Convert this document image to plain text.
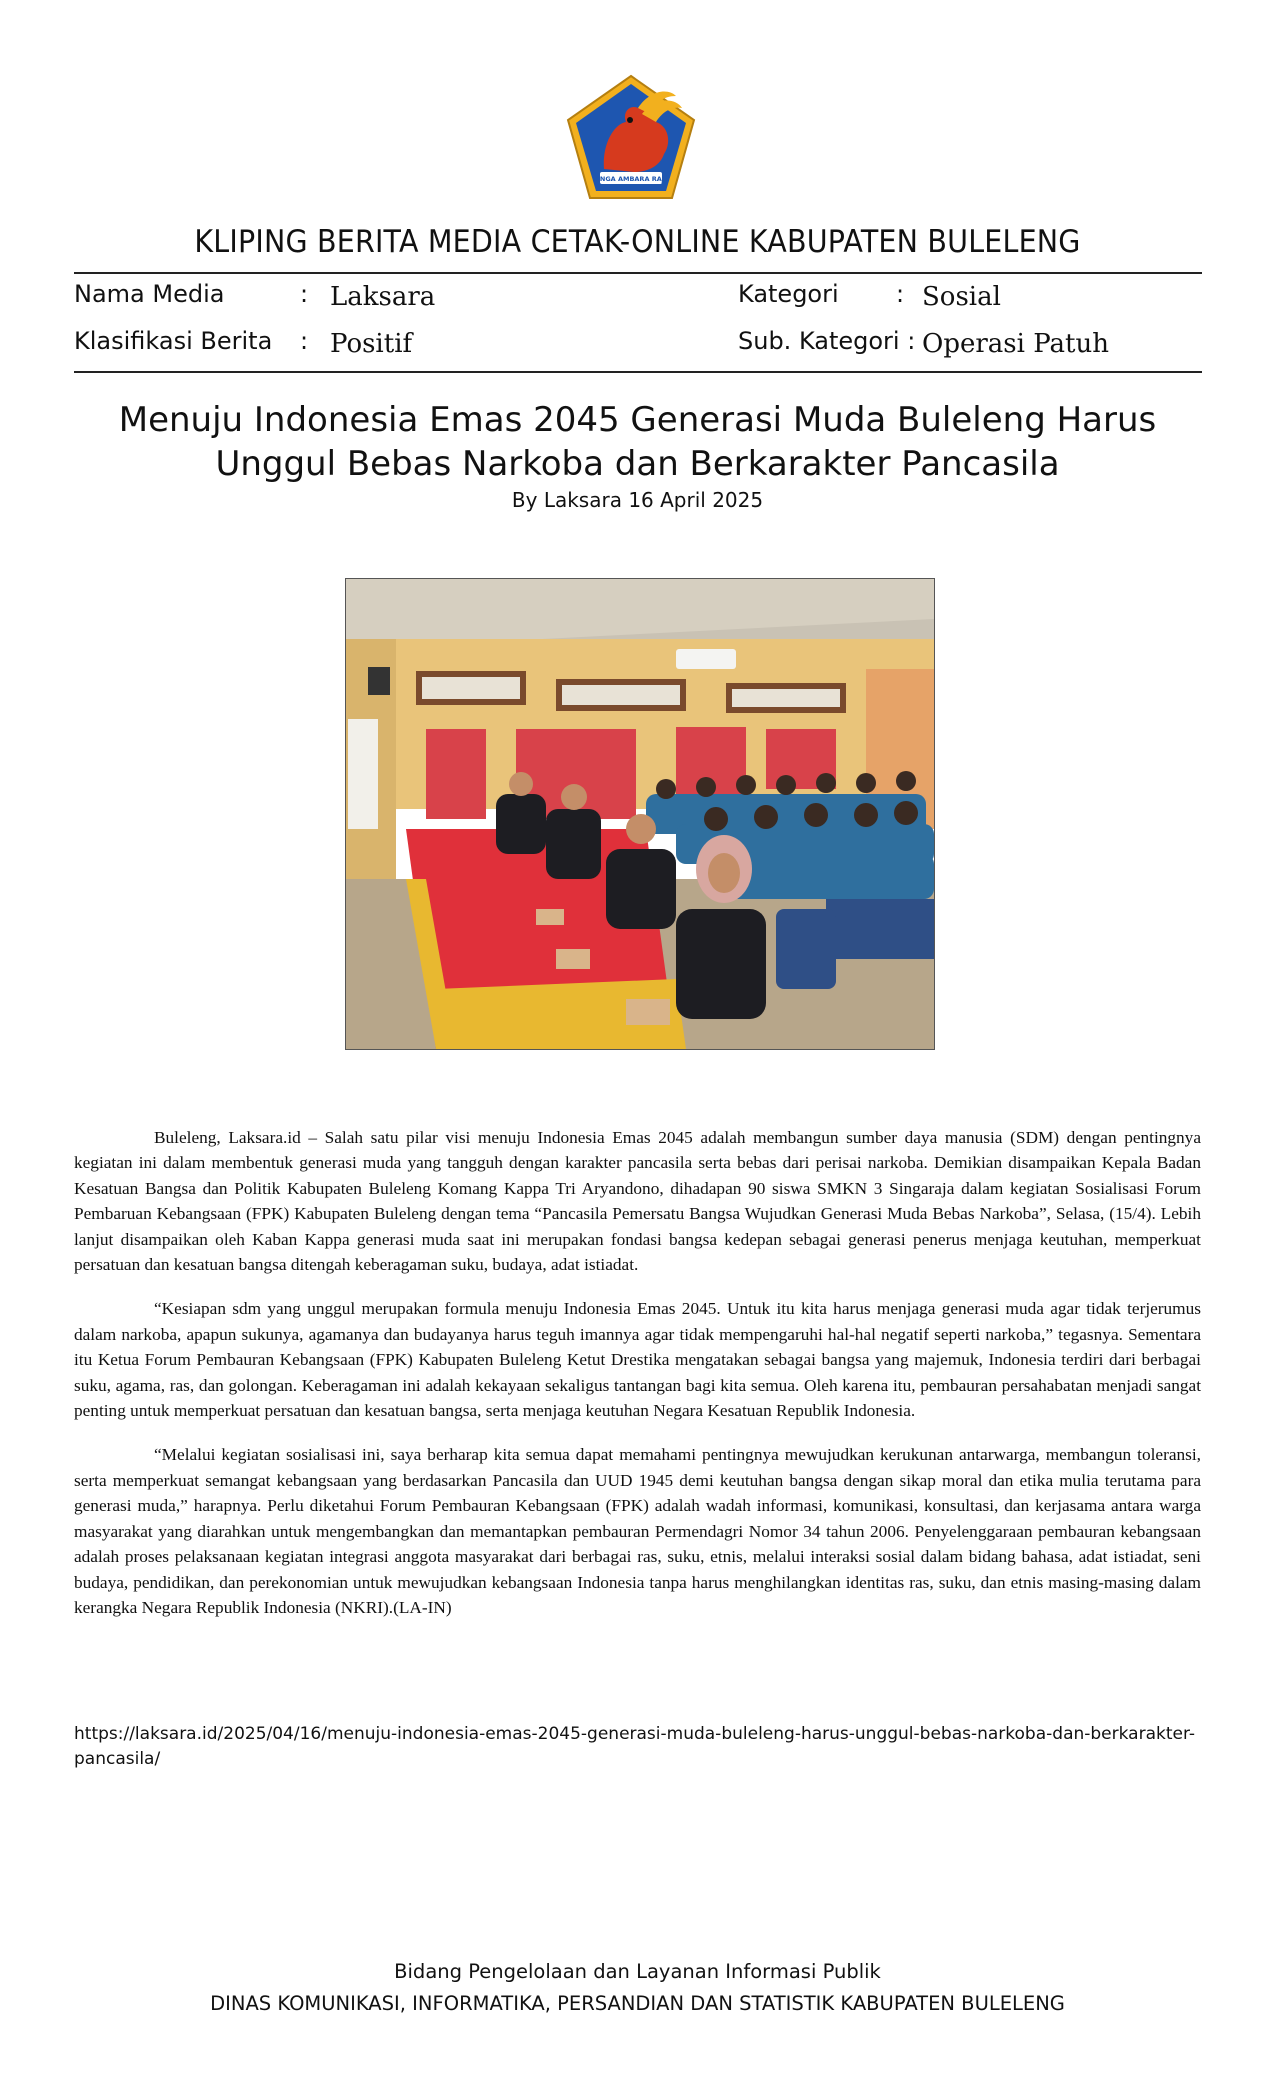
SINGA AMBARA RAJA
KLIPING BERITA MEDIA CETAK-ONLINE KABUPATEN BULELENG
Nama Media	: Laksara
Klasifikasi Berita : Positif
Kategori : Sosial
Sub. Kategori : Operasi Patuh
Menuju Indonesia Emas 2045 Generasi Muda Buleleng Harus Unggul Bebas Narkoba dan Berkarakter Pancasila
By Laksara 16 April 2025

Buleleng, Laksara.id – Salah satu pilar visi menuju Indonesia Emas 2045 adalah membangun sumber daya manusia (SDM) dengan pentingnya kegiatan ini dalam membentuk generasi muda yang tangguh dengan karakter pancasila serta bebas dari perisai narkoba. Demikian disampaikan Kepala Badan Kesatuan Bangsa dan Politik Kabupaten Buleleng Komang Kappa Tri Aryandono, dihadapan 90 siswa SMKN 3 Singaraja dalam kegiatan Sosialisasi Forum Pembaruan Kebangsaan (FPK) Kabupaten Buleleng dengan tema “Pancasila Pemersatu Bangsa Wujudkan Generasi Muda Bebas Narkoba”, Selasa, (15/4). Lebih lanjut disampaikan oleh Kaban Kappa generasi muda saat ini merupakan fondasi bangsa kedepan sebagai generasi penerus menjaga keutuhan, memperkuat persatuan dan kesatuan bangsa ditengah keberagaman suku, budaya, adat istiadat.

“Kesiapan sdm yang unggul merupakan formula menuju Indonesia Emas 2045. Untuk itu kita harus menjaga generasi muda agar tidak terjerumus dalam narkoba, apapun sukunya, agamanya dan budayanya harus teguh imannya agar tidak mempengaruhi hal-hal negatif seperti narkoba,” tegasnya. Sementara itu Ketua Forum Pembauran Kebangsaan (FPK) Kabupaten Buleleng Ketut Drestika mengatakan sebagai bangsa yang majemuk, Indonesia terdiri dari berbagai suku, agama, ras, dan golongan. Keberagaman ini adalah kekayaan sekaligus tantangan bagi kita semua. Oleh karena itu, pembauran persahabatan menjadi sangat penting untuk memperkuat persatuan dan kesatuan bangsa, serta menjaga keutuhan Negara Kesatuan Republik Indonesia.

“Melalui kegiatan sosialisasi ini, saya berharap kita semua dapat memahami pentingnya mewujudkan kerukunan antarwarga, membangun toleransi, serta memperkuat semangat kebangsaan yang berdasarkan Pancasila dan UUD 1945 demi keutuhan bangsa dengan sikap moral dan etika mulia terutama para generasi muda,” harapnya. Perlu diketahui Forum Pembauran Kebangsaan (FPK) adalah wadah informasi, komunikasi, konsultasi, dan kerjasama antara warga masyarakat yang diarahkan untuk mengembangkan dan memantapkan pembauran Permendagri Nomor 34 tahun 2006. Penyelenggaraan pembauran kebangsaan adalah proses pelaksanaan kegiatan integrasi anggota masyarakat dari berbagai ras, suku, etnis, melalui interaksi sosial dalam bidang bahasa, adat istiadat, seni budaya, pendidikan, dan perekonomian untuk mewujudkan kebangsaan Indonesia tanpa harus menghilangkan identitas ras, suku, dan etnis masing-masing dalam kerangka Negara Republik Indonesia (NKRI).(LA-IN)

https://laksara.id/2025/04/16/menuju-indonesia-emas-2045-generasi-muda-buleleng-harus-unggul-bebas-narkoba-dan-berkarakter-pancasila/
Bidang Pengelolaan dan Layanan Informasi Publik
DINAS KOMUNIKASI, INFORMATIKA, PERSANDIAN DAN STATISTIK KABUPATEN BULELENG
